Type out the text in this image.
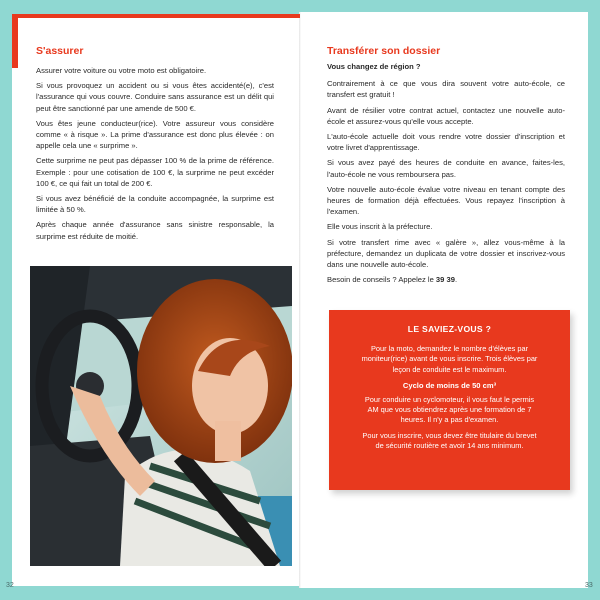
S'assurer

Assurer votre voiture ou votre moto est obligatoire.

Si vous provoquez un accident ou si vous êtes accidenté(e), c'est l'assurance qui vous couvre. Conduire sans assurance est un délit qui peut être sanctionné par une amende de 500 €.

Vous êtes jeune conducteur(rice). Votre assureur vous considère comme « à risque ». La prime d'assurance est donc plus élevée : on appelle cela une « surprime ».

Cette surprime ne peut pas dépasser 100 % de la prime de référence. Exemple : pour une cotisation de 100 €, la surprime ne peut excéder 100 €, ce qui fait un total de 200 €.

Si vous avez bénéficié de la conduite accompagnée, la surprime est limitée à 50 %.

Après chaque année d'assurance sans sinistre responsable, la surprime est réduite de moitié.

Transférer son dossier

Vous changez de région ?

Contrairement à ce que vous dira souvent votre auto-école, ce transfert est gratuit !

Avant de résilier votre contrat actuel, contactez une nouvelle auto-école et assurez-vous qu'elle vous accepte.

L'auto-école actuelle doit vous rendre votre dossier d'inscription et votre livret d'apprentissage.

Si vous avez payé des heures de conduite en avance, faites-les, l'auto-école ne vous remboursera pas.

Votre nouvelle auto-école évalue votre niveau en tenant compte des heures de formation déjà effectuées. Vous repayez l'inscription à l'examen.

Elle vous inscrit à la préfecture.

Si votre transfert rime avec « galère », allez vous-même à la préfecture, demandez un duplicata de votre dossier et inscrivez-vous dans une nouvelle auto-école.

Besoin de conseils ? Appelez le 39 39.

LE SAVIEZ-VOUS ?

Pour la moto, demandez le nombre d'élèves par moniteur(rice) avant de vous inscrire. Trois élèves par leçon de conduite est le maximum.

Cyclo de moins de 50 cm³

Pour conduire un cyclomoteur, il vous faut le permis AM que vous obtiendrez après une formation de 7 heures. Il n'y a pas d'examen.

Pour vous inscrire, vous devez être titulaire du brevet de sécurité routière et avoir 14 ans minimum.

32	33
